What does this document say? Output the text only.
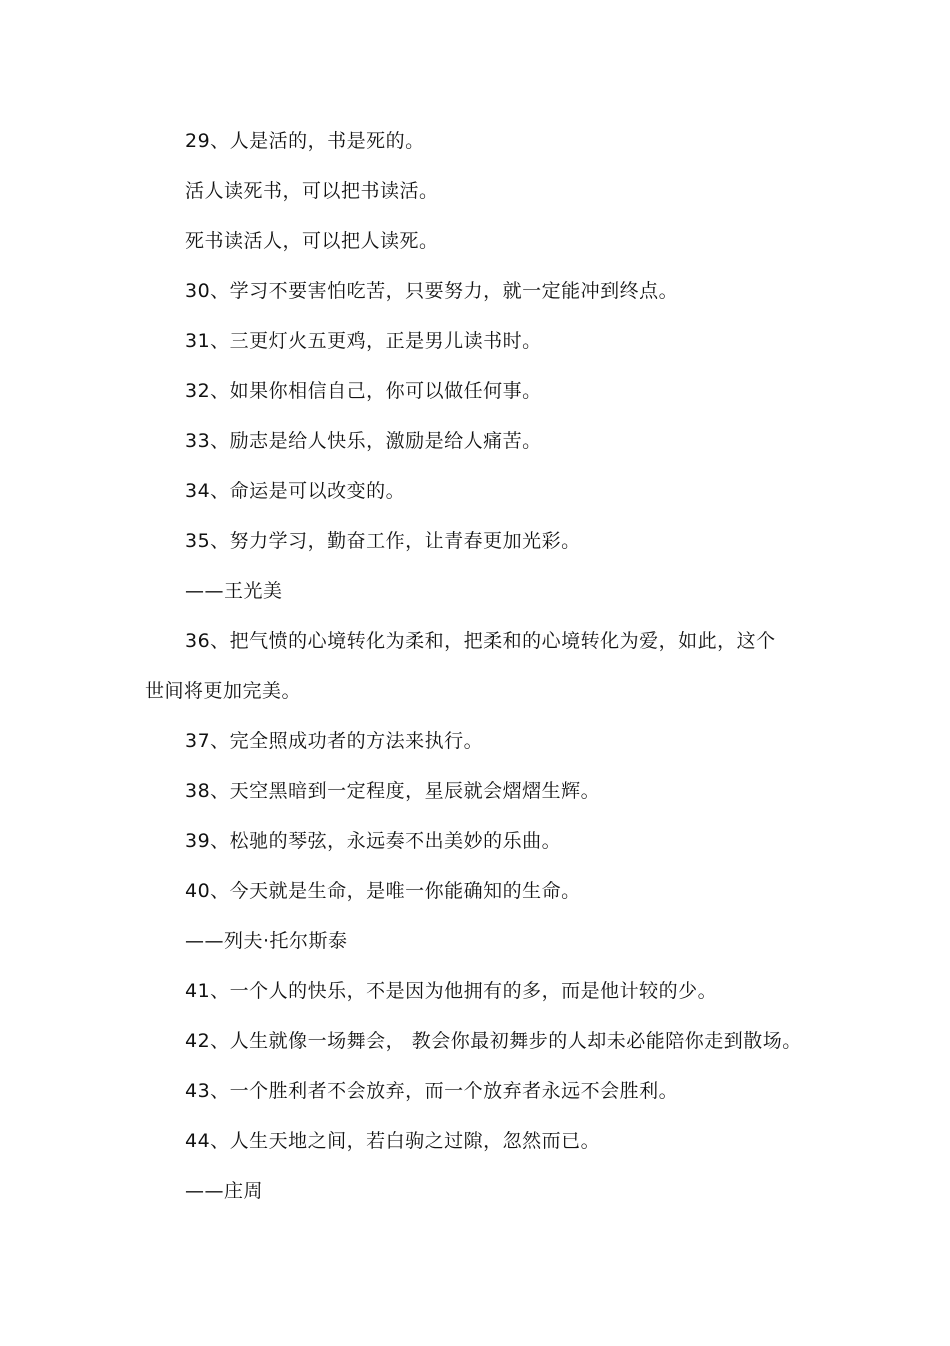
29、人是活的，书是死的。
活人读死书，可以把书读活。
死书读活人，可以把人读死。
30、学习不要害怕吃苦，只要努力，就一定能冲到终点。
31、三更灯火五更鸡，正是男儿读书时。
32、如果你相信自己，你可以做任何事。
33、励志是给人快乐，激励是给人痛苦。
34、命运是可以改变的。
35、努力学习，勤奋工作，让青春更加光彩。
——王光美
36、把气愤的心境转化为柔和，把柔和的心境转化为爱，如此，这个
世间将更加完美。
37、完全照成功者的方法来执行。
38、天空黑暗到一定程度，星辰就会熠熠生辉。
39、松驰的琴弦，永远奏不出美妙的乐曲。
40、今天就是生命，是唯一你能确知的生命。
——列夫·托尔斯泰
41、一个人的快乐，不是因为他拥有的多，而是他计较的少。
42、人生就像一场舞会， 教会你最初舞步的人却未必能陪你走到散场。
43、一个胜利者不会放弃，而一个放弃者永远不会胜利。
44、人生天地之间，若白驹之过隙，忽然而已。
——庄周
